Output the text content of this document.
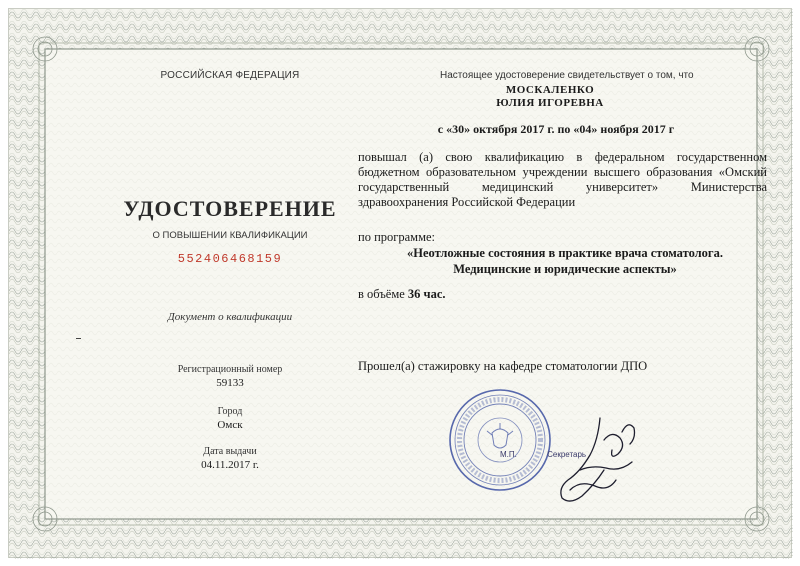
РОССИЙСКАЯ ФЕДЕРАЦИЯ
УДОСТОВЕРЕНИЕ
О ПОВЫШЕНИИ КВАЛИФИКАЦИИ
552406468159
Документ о квалификации
Регистрационный номер
59133
Город
Омск
Дата выдачи
04.11.2017 г.
Настоящее удостоверение свидетельствует о том, что
МОСКАЛЕНКО
ЮЛИЯ ИГОРЕВНА
с «30» октября 2017 г. по «04» ноября 2017 г
повышал (а) свою квалификацию в федеральном государственном бюджетном образовательном учреждении высшего образования «Омский государственный медицинский университет» Министерства здравоохранения Российской Федерации
по программе:
«Неотложные состояния в практике врача стоматолога.
Медицинские и юридические аспекты»
в объёме 36 час.
Прошел(а) стажировку на кафедре стоматологии ДПО
М.П.	Секретарь
